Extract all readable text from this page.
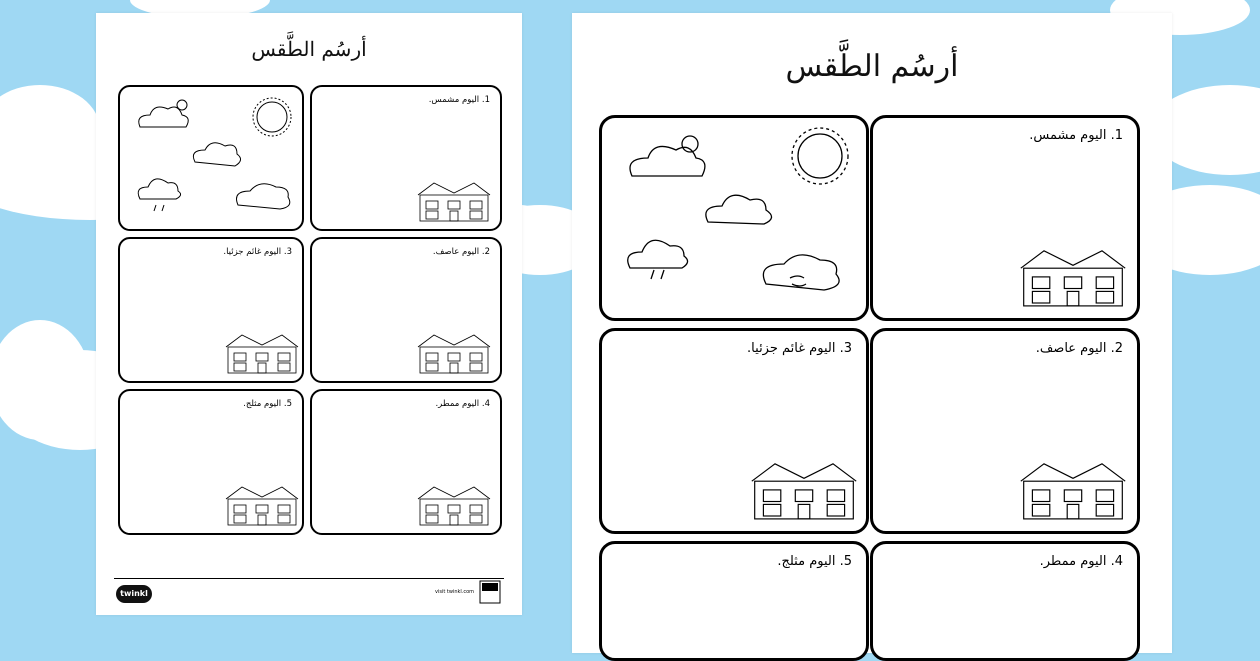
أرسُم الطَّقس
1. اليوم مشمس.
3. اليوم غائم جزئيا.	2. اليوم عاصف.
5. اليوم مثلج.	4. اليوم ممطر.
twinkl	visit twinkl.com
أرسُم الطَّقس
1. اليوم مشمس.
3. اليوم غائم جزئيا.	2. اليوم عاصف.
5. اليوم مثلج.	4. اليوم ممطر.
